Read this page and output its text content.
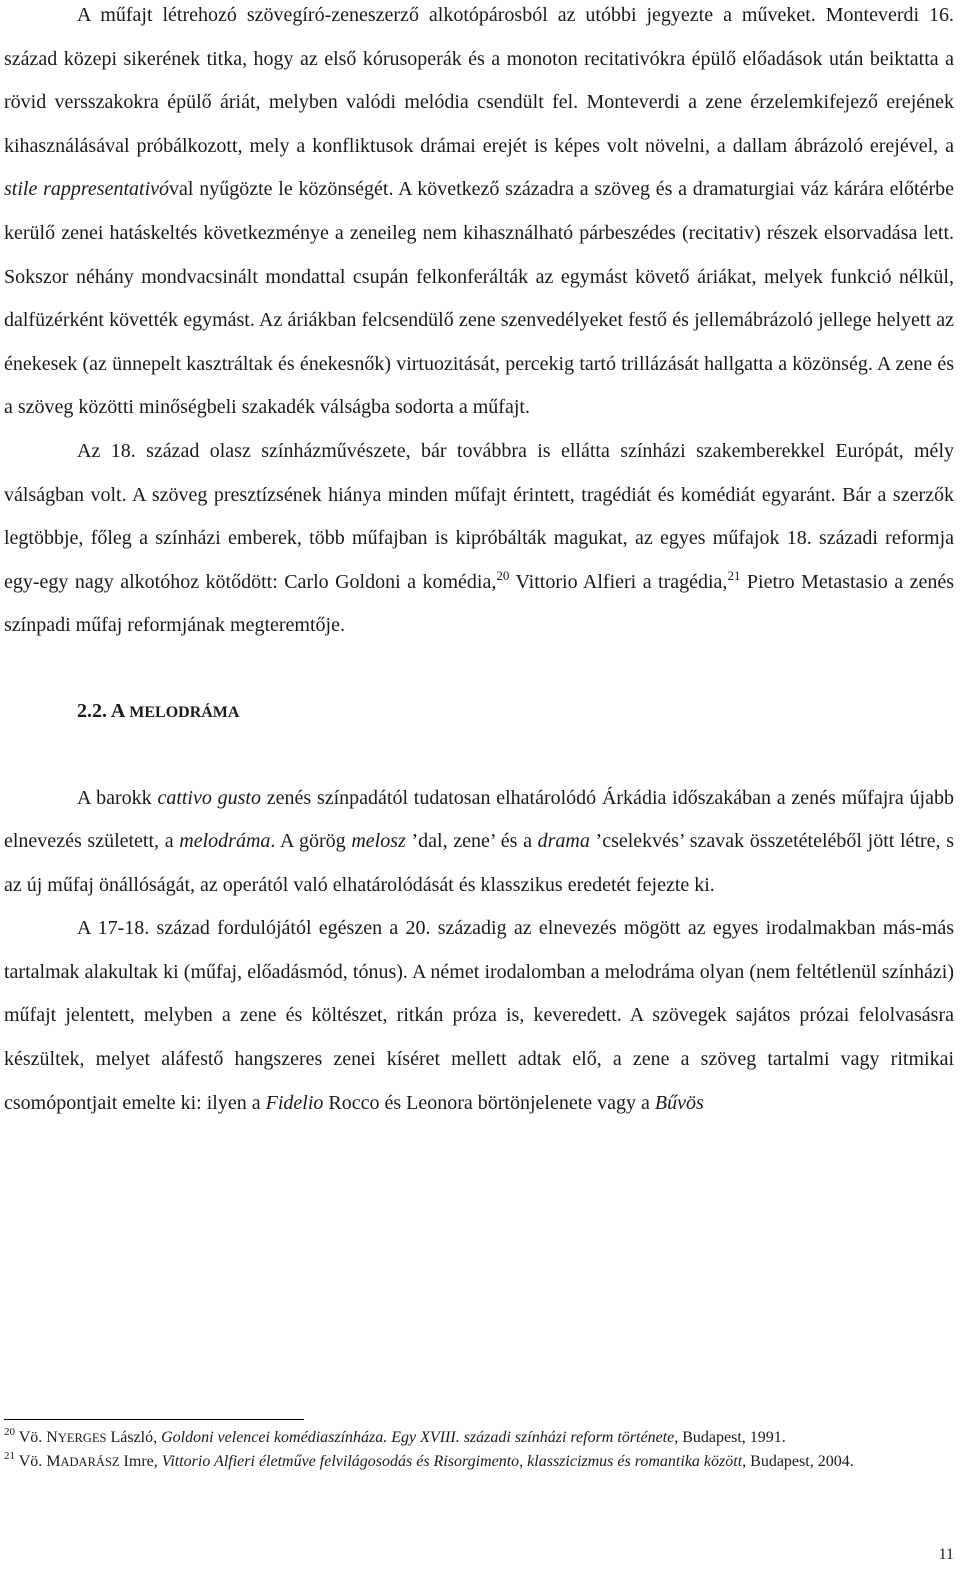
A műfajt létrehozó szövegíró-zeneszerző alkotópárosból az utóbbi jegyezte a műveket. Monteverdi 16. század közepi sikerének titka, hogy az első kórusoperák és a monoton recitativókra épülő előadások után beiktatta a rövid versszakokra épülő áriát, melyben valódi melódia csendült fel. Monteverdi a zene érzelemkifejező erejének kihasználásával próbálkozott, mely a konfliktusok drámai erejét is képes volt növelni, a dallam ábrázoló erejével, a stile rappresentativóval nyűgözte le közönségét. A következő századra a szöveg és a dramaturgiai váz kárára előtérbe kerülő zenei hatáskeltés következménye a zeneileg nem kihasználható párbeszédes (recitativ) részek elsorvadása lett. Sokszor néhány mondvacsinált mondattal csupán felkonferálták az egymást követő áriákat, melyek funkció nélkül, dalfüzérként követték egymást. Az áriákban felcsendülő zene szenvedélyeket festő és jellemábrázoló jellege helyett az énekesek (az ünnepelt kasztráltak és énekesnők) virtuozitását, percekig tartó trillázását hallgatta a közönség. A zene és a szöveg közötti minőségbeli szakadék válságba sodorta a műfajt.

Az 18. század olasz színházművészete, bár továbbra is ellátta színházi szakemberekkel Európát, mély válságban volt. A szöveg presztízsének hiánya minden műfajt érintett, tragédiát és komédiát egyaránt. Bár a szerzők legtöbbje, főleg a színházi emberek, több műfajban is kipróbálták magukat, az egyes műfajok 18. századi reformja egy-egy nagy alkotóhoz kötődött: Carlo Goldoni a komédia,$^{20}$ Vittorio Alfieri a tragédia,$^{21}$ Pietro Metastasio a zenés színpadi műfaj reformjának megteremtője.

2.2. A MELODRÁMA

A barokk cattivo gusto zenés színpadától tudatosan elhatárolódó Árkádia időszakában a zenés műfajra újabb elnevezés született, a melodráma. A görög melosz ’dal, zene’ és a drama ’cselekvés’ szavak összetételéből jött létre, s az új műfaj önállóságát, az operától való elhatárolódását és klasszikus eredetét fejezte ki.

A 17-18. század fordulójától egészen a 20. századig az elnevezés mögött az egyes irodalmakban más-más tartalmak alakultak ki (műfaj, előadásmód, tónus). A német irodalomban a melodráma olyan (nem feltétlenül színházi) műfajt jelentett, melyben a zene és költészet, ritkán próza is, keveredett. A szövegek sajátos prózai felolvasásra készültek, melyet aláfestő hangszeres zenei kíséret mellett adtak elő, a zene a szöveg tartalmi vagy ritmikai csomópontjait emelte ki: ilyen a Fidelio Rocco és Leonora börtönjelenete vagy a Bűvös

$^{20}$ Vö. NYERGES László, Goldoni velencei komédiaszínháza. Egy XVIII. századi színházi reform története, Budapest, 1991.

$^{21}$ Vö. MADARÁSZ Imre, Vittorio Alfieri életműve felvilágosodás és Risorgimento, klasszicizmus és romantika között, Budapest, 2004.

11
